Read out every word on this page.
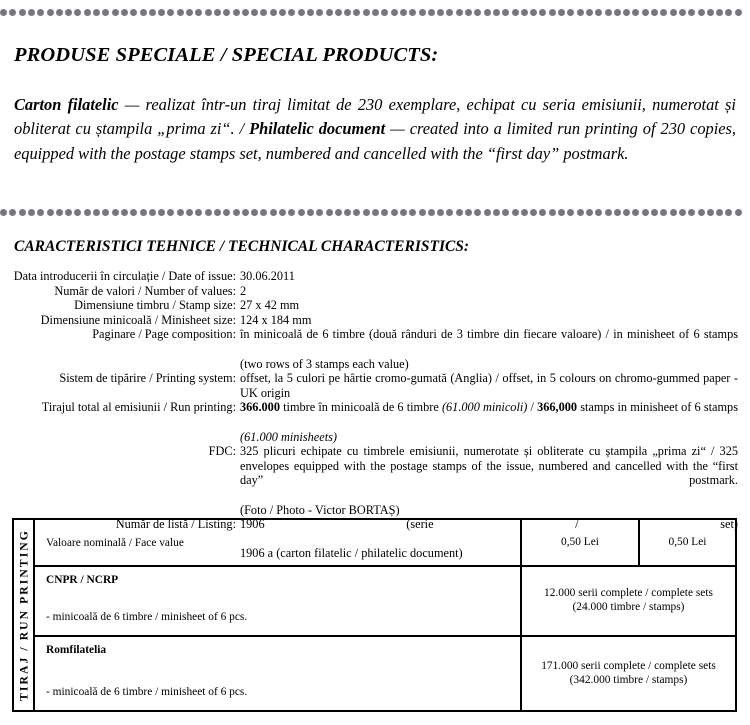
PRODUSE SPECIALE / SPECIAL PRODUCTS:
Carton filatelic — realizat într-un tiraj limitat de 230 exemplare, echipat cu seria emisiunii, numerotat și obliterat cu ștampila „prima zi“. / Philatelic document — created into a limited run printing of 230 copies, equipped with the postage stamps set, numbered and cancelled with the “first day” postmark.
CARACTERISTICI TEHNICE / TECHNICAL CHARACTERISTICS:
Data introducerii în circulație / Date of issue: 30.06.2011
Număr de valori / Number of values: 2
Dimensiune timbru / Stamp size: 27 x 42 mm
Dimensiune minicoală / Minisheet size: 124 x 184 mm
Paginare / Page composition: în minicoală de 6 timbre (două rânduri de 3 timbre din fiecare valoare) / in minisheet of 6 stamps
(two rows of 3 stamps each value)
Sistem de tipărire / Printing system: offset, la 5 culori pe hârtie cromo-gumată (Anglia) / offset, in 5 colours on chromo-gummed paper - UK origin
Tirajul total al emisiunii / Run printing: 366.000 timbre în minicoală de 6 timbre (61.000 minicoli) / 366,000 stamps in minisheet of 6 stamps
(61.000 minisheets)
FDC: 325 plicuri echipate cu timbrele emisiunii, numerotate și obliterate cu ștampila „prima zi“ / 325 envelopes equipped with the postage stamps of the issue, numbered and cancelled with the “first day” postmark.
(Foto / Photo - Victor BORTAȘ)
Număr de listă / Listing: 1906 (serie / set)
1906 a (carton filatelic / philatelic document)
TIRAJ / RUN PRINTING Valoare nominală / Face value	0,50 Lei	0,50 Lei
CNPR / NCRP
- minicoală de 6 timbre / minisheet of 6 pcs.
12.000 serii complete / complete sets
(24.000 timbre / stamps)
Romfilatelia
- minicoală de 6 timbre / minisheet of 6 pcs.
171.000 serii complete / complete sets
(342.000 timbre / stamps)
